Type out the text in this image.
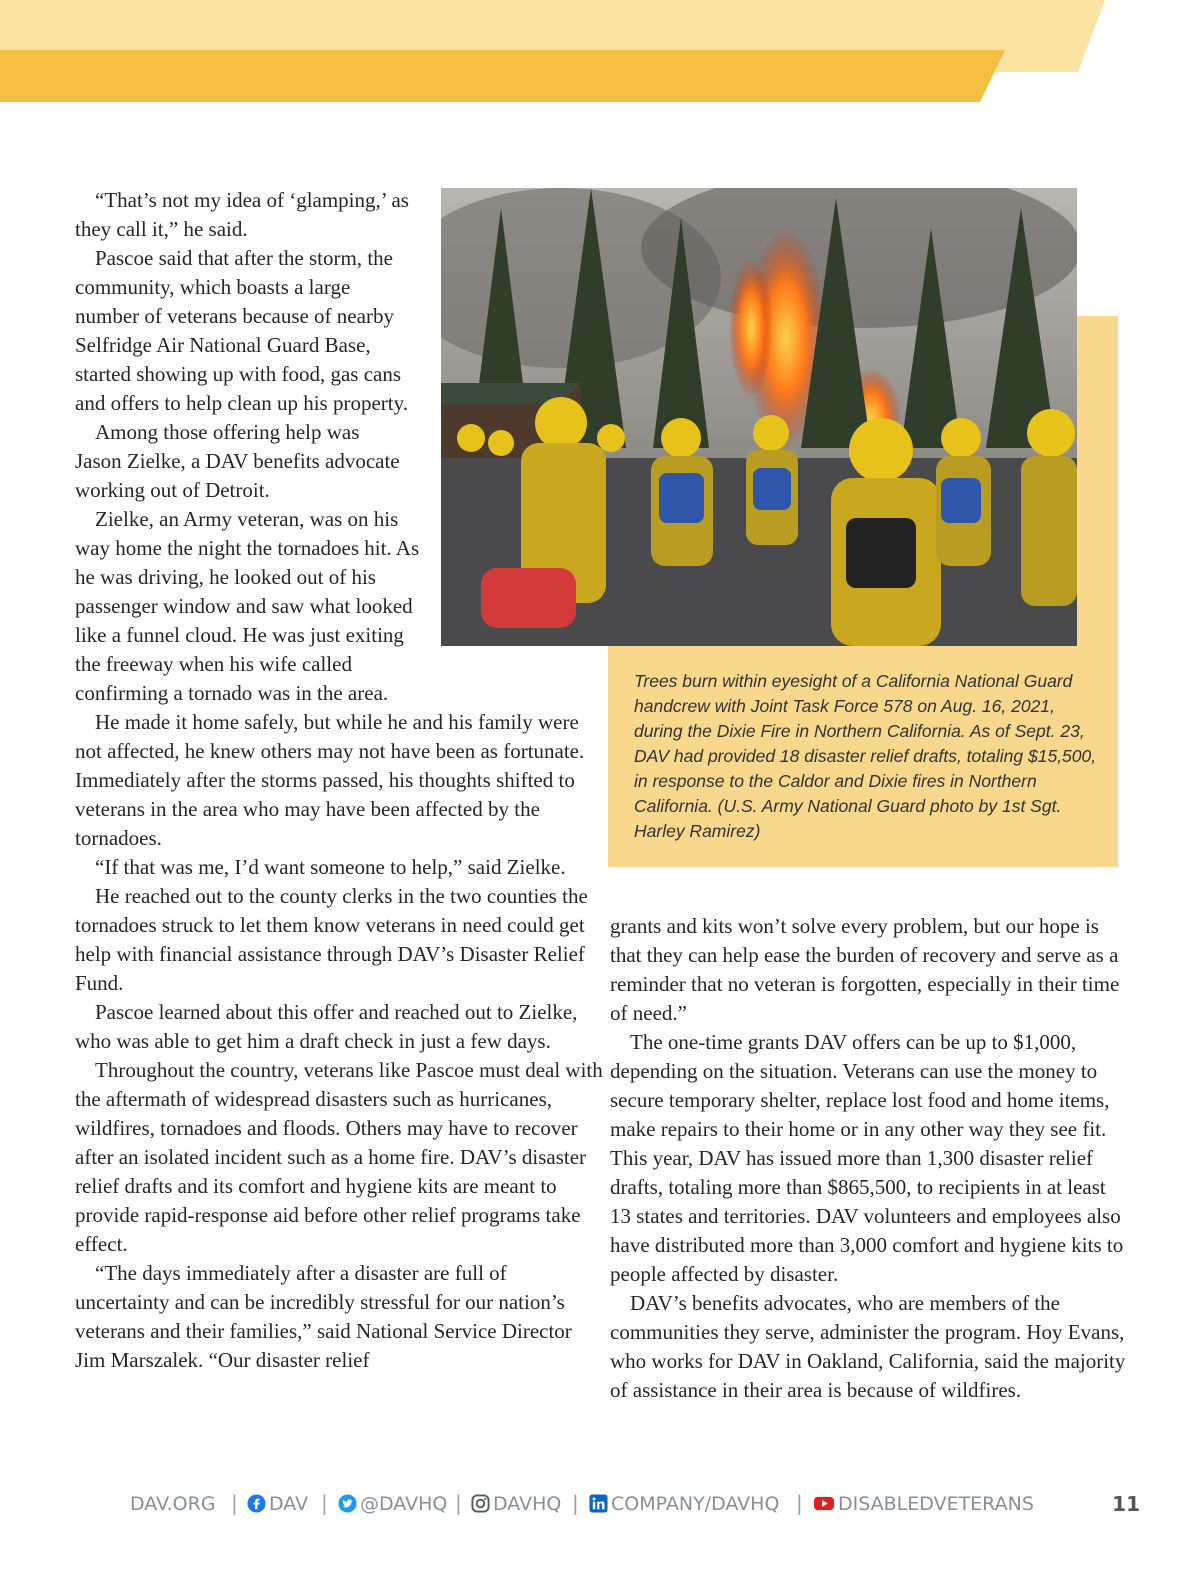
Trees burn within eyesight of a California National Guard handcrew with Joint Task Force 578 on Aug. 16, 2021, during the Dixie Fire in Northern California. As of Sept. 23, DAV had provided 18 disaster relief drafts, totaling $15,500, in response to the Caldor and Dixie fires in Northern California. (U.S. Army National Guard photo by 1st Sgt. Harley Ramirez)

“That’s not my idea of ‘glamping,’ as they call it,” he said.

Pascoe said that after the storm, the community, which boasts a large number of veterans because of nearby Selfridge Air National Guard Base, started showing up with food, gas cans and offers to help clean up his property.

Among those offering help was Jason Zielke, a DAV benefits advocate working out of Detroit.

Zielke, an Army veteran, was on his way home the night the tornadoes hit. As he was driving, he looked out of his passenger window and saw what looked like a funnel cloud. He was just exiting the freeway when his wife called confirming a tornado was in the area.

He made it home safely, but while he and his family were not affected, he knew others may not have been as fortunate. Immediately after the storms passed, his thoughts shifted to veterans in the area who may have been affected by the tornadoes.

“If that was me, I’d want someone to help,” said Zielke.

He reached out to the county clerks in the two counties the tornadoes struck to let them know veterans in need could get help with financial assistance through DAV’s Disaster Relief Fund.

Pascoe learned about this offer and reached out to Zielke, who was able to get him a draft check in just a few days.

Throughout the country, veterans like Pascoe must deal with the aftermath of widespread disasters such as hurricanes, wildfires, tornadoes and floods. Others may have to recover after an isolated incident such as a home fire. DAV’s disaster relief drafts and its comfort and hygiene kits are meant to provide rapid-response aid before other relief programs take effect.

“The days immediately after a disaster are full of uncertainty and can be incredibly stressful for our nation’s veterans and their families,” said National Service Director Jim Marszalek. “Our disaster relief

grants and kits won’t solve every problem, but our hope is that they can help ease the burden of recovery and serve as a reminder that no veteran is forgotten, especially in their time of need.”

The one-time grants DAV offers can be up to $1,000, depending on the situation. Veterans can use the money to secure temporary shelter, replace lost food and home items, make repairs to their home or in any other way they see fit. This year, DAV has issued more than 1,300 disaster relief drafts, totaling more than $865,500, to recipients in at least 13 states and territories. DAV volunteers and employees also have distributed more than 3,000 comfort and hygiene kits to people affected by disaster.

DAV’s benefits advocates, who are members of the communities they serve, administer the program. Hoy Evans, who works for DAV in Oakland, California, said the majority of assistance in their area is because of wildfires.

DAV.ORG |	DAV |	@DAVHQ |	DAVHQ |	COMPANY/DAVHQ |	DISABLEDVETERANS	11
